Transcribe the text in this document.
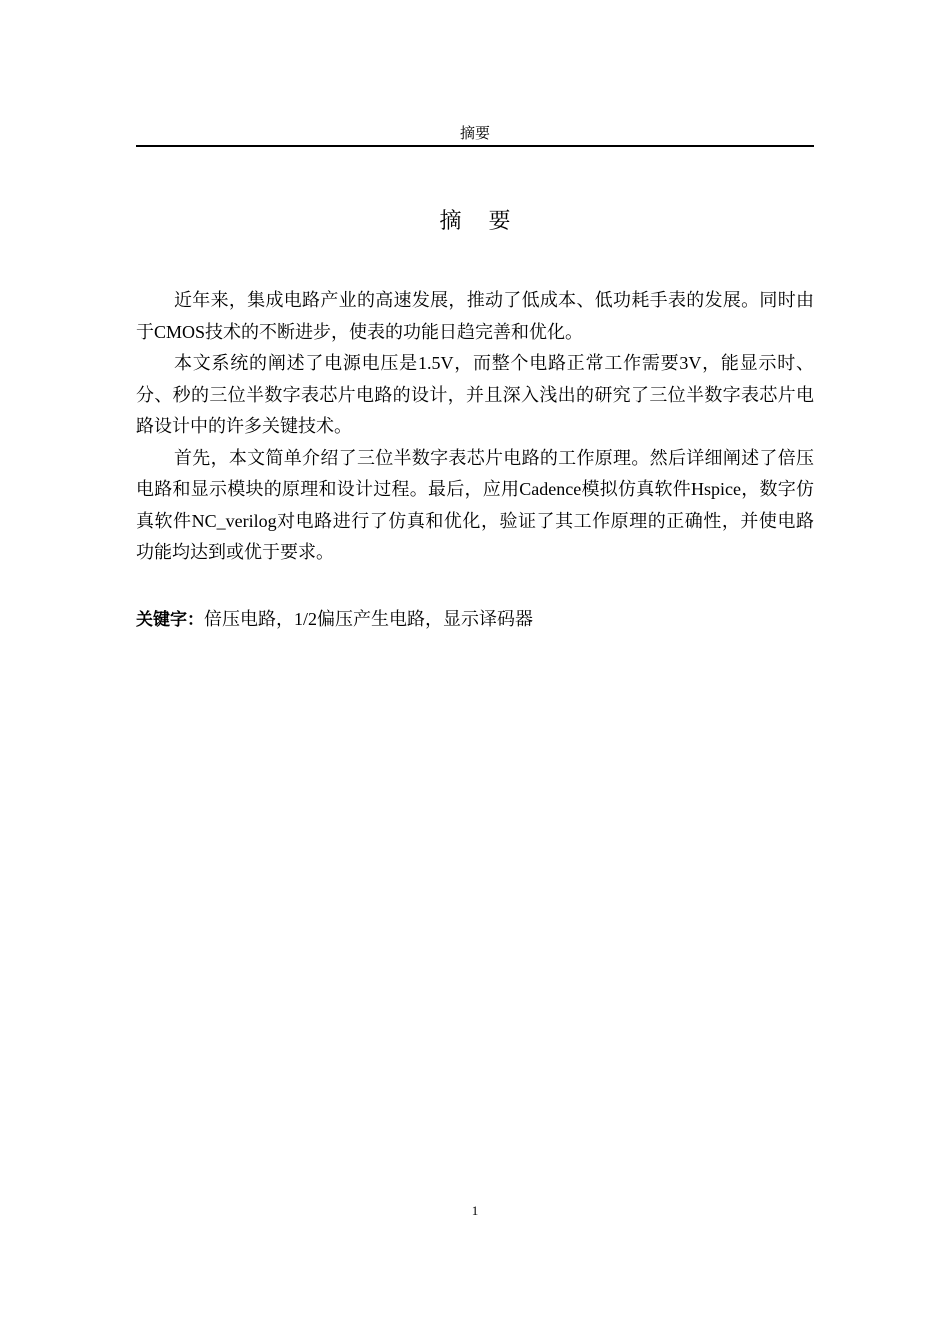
摘要
摘 要

近年来，集成电路产业的高速发展，推动了低成本、低功耗手表的发展。同时由于CMOS技术的不断进步，使表的功能日趋完善和优化。

本文系统的阐述了电源电压是1.5V，而整个电路正常工作需要3V，能显示时、分、秒的三位半数字表芯片电路的设计，并且深入浅出的研究了三位半数字表芯片电路设计中的许多关键技术。

首先，本文简单介绍了三位半数字表芯片电路的工作原理。然后详细阐述了倍压电路和显示模块的原理和设计过程。最后，应用Cadence模拟仿真软件Hspice，数字仿真软件NC_verilog对电路进行了仿真和优化，验证了其工作原理的正确性，并使电路功能均达到或优于要求。

关键字：倍压电路，1/2偏压产生电路，显示译码器
1
